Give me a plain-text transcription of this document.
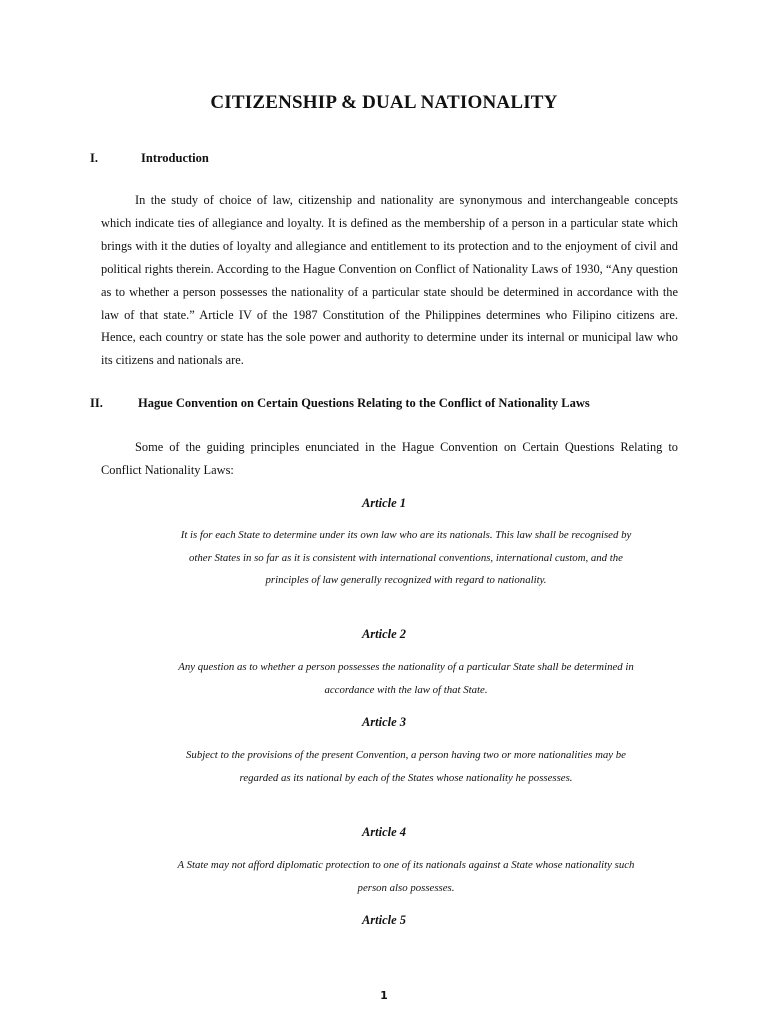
CITIZENSHIP & DUAL NATIONALITY
I.	Introduction

In the study of choice of law, citizenship and nationality are synonymous and interchangeable concepts which indicate ties of allegiance and loyalty. It is defined as the membership of a person in a particular state which brings with it the duties of loyalty and allegiance and entitlement to its protection and to the enjoyment of civil and political rights therein. According to the Hague Convention on Conflict of Nationality Laws of 1930, “Any question as to whether a person possesses the nationality of a particular state should be determined in accordance with the law of that state.” Article IV of the 1987 Constitution of the Philippines determines who Filipino citizens are. Hence, each country or state has the sole power and authority to determine under its internal or municipal law who its citizens and nationals are.

II.	Hague Convention on Certain Questions Relating to the Conflict of Nationality Laws

Some of the guiding principles enunciated in the Hague Convention on Certain Questions Relating to Conflict Nationality Laws:

Article 1

It is for each State to determine under its own law who are its nationals. This law shall be recognised by other States in so far as it is consistent with international conventions, international custom, and the principles of law generally recognized with regard to nationality.

Article 2

Any question as to whether a person possesses the nationality of a particular State shall be determined in accordance with the law of that State.

Article 3

Subject to the provisions of the present Convention, a person having two or more nationalities may be regarded as its national by each of the States whose nationality he possesses.

Article 4

A State may not afford diplomatic protection to one of its nationals against a State whose nationality such person also possesses.

Article 5

1
